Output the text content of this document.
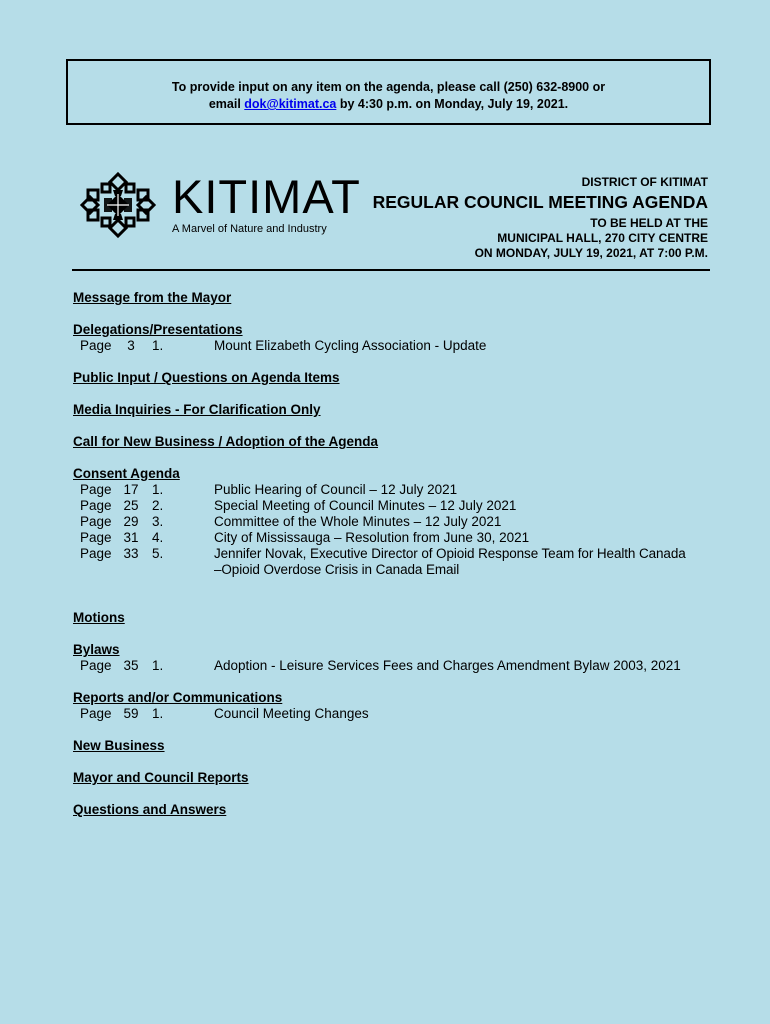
To provide input on any item on the agenda, please call (250) 632-8900 or
email dok@kitimat.ca by 4:30 p.m. on Monday, July 19, 2021.
KITIMAT
A Marvel of Nature and Industry
DISTRICT OF KITIMAT
REGULAR COUNCIL MEETING AGENDA
TO BE HELD AT THE
MUNICIPAL HALL, 270 CITY CENTRE
ON MONDAY, JULY 19, 2021, AT 7:00 P.M.
Message from the Mayor
Delegations/Presentations
Page	3	1.	Mount Elizabeth Cycling Association - Update
Public Input / Questions on Agenda Items
Media Inquiries - For Clarification Only
Call for New Business / Adoption of the Agenda
Consent Agenda
Page 17 1.	Public Hearing of Council – 12 July 2021
Page 25 2.	Special Meeting of Council Minutes – 12 July 2021
Page 29 3.	Committee of the Whole Minutes – 12 July 2021
Page 31 4.	City of Mississauga – Resolution from June 30, 2021
Page 33 5.	Jennifer Novak, Executive Director of Opioid Response Team for Health Canada
–Opioid Overdose Crisis in Canada Email
Motions
Bylaws
Page 35 1.	Adoption - Leisure Services Fees and Charges Amendment Bylaw 2003, 2021
Reports and/or Communications
Page 59 1.	Council Meeting Changes
New Business
Mayor and Council Reports
Questions and Answers
